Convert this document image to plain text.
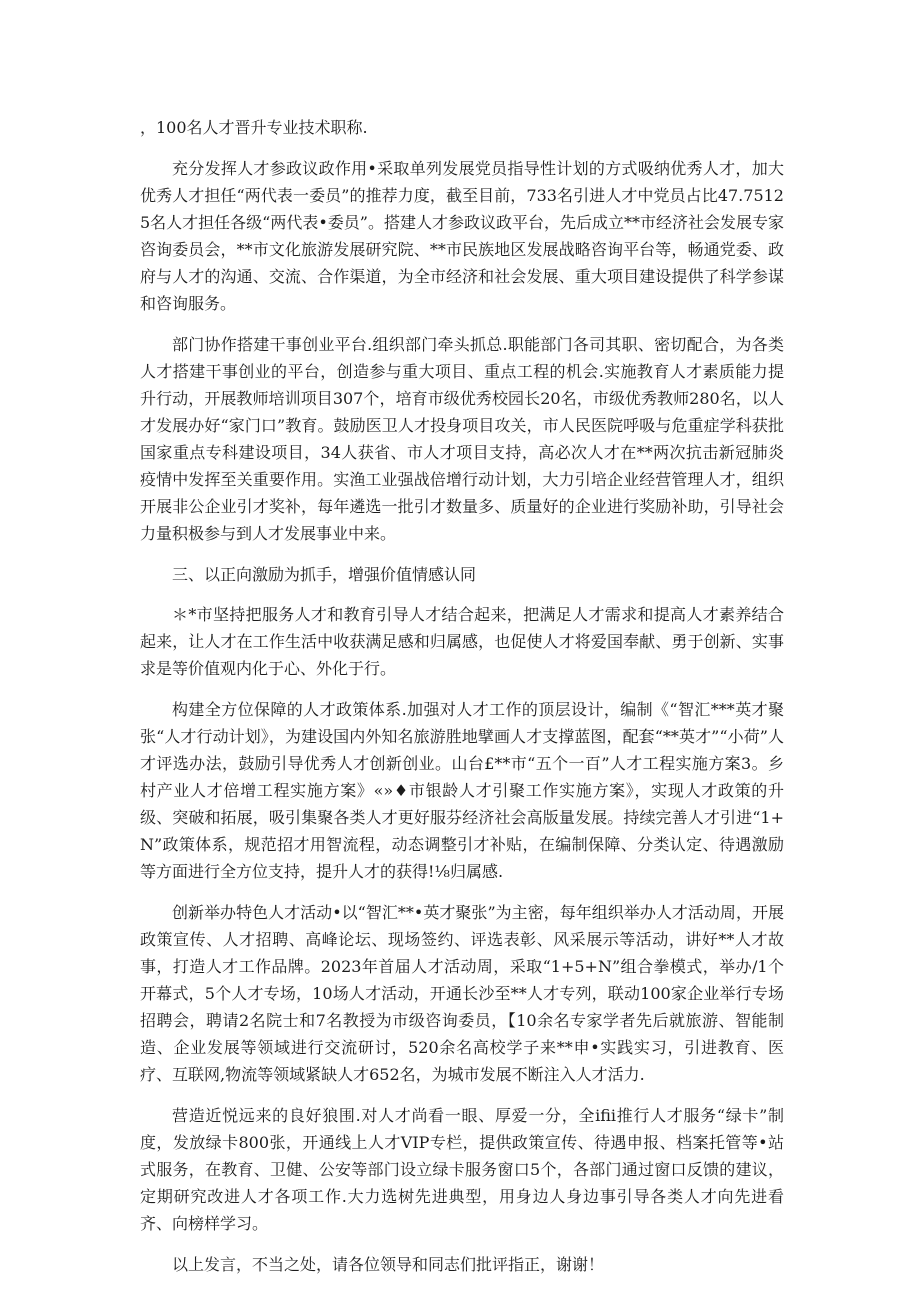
，100名人才晋升专业技术职称.

充分发挥人才参政议政作用•采取单列发展党员指导性计划的方式吸纳优秀人才，加大优秀人才担任“两代表一委员”的推荐力度，截至目前，733名引进人才中党员占比47.75125名人才担任各级“两代表•委员”。搭建人才参政议政平台，先后成立**市经济社会发展专家咨询委员会，**市文化旅游发展研究院、**市民族地区发展战略咨询平台等，畅通党委、政府与人才的沟通、交流、合作渠道，为全市经济和社会发展、重大项目建设提供了科学参谋和咨询服务。

部门协作搭建干事创业平台.组织部门牵头抓总.职能部门各司其职、密切配合，为各类人才搭建干事创业的平台，创造参与重大项目、重点工程的机会.实施教育人才素质能力提升行动，开展教师培训项目307个，培育市级优秀校园长20名，市级优秀教师280名，以人才发展办好“家门口”教育。鼓励医卫人才投身项目攻关，市人民医院呼吸与危重症学科获批国家重点专科建设项目，34人获省、市人才项目支持，高必次人才在**两次抗击新冠肺炎疫情中发挥至关重要作用。实渔工业强战倍增行动计划，大力引培企业经营管理人才，组织开展非公企业引才奖补，每年遴选一批引才数量多、质量好的企业进行奖励补助，引导社会力量积极参与到人才发展事业中来。

三、以正向激励为抓手，增强价值情感认同

＊*市坚持把服务人才和教育引导人才结合起来，把满足人才需求和提高人才素养结合起来，让人才在工作生活中收获满足感和归属感，也促使人才将爱国奉献、勇于创新、实事求是等价值观内化于心、外化于行。

构建全方位保障的人才政策体系.加强对人才工作的顶层设计，编制《“智汇***英才聚张“人才行动计划》，为建设国内外知名旅游胜地擘画人才支撑蓝图，配套“**英才”“小荷”人才评选办法，鼓励引导优秀人才创新创业。山台£**市“五个一百”人才工程实施方案3。乡村产业人才倍增工程实施方案》«»♦市银龄人才引聚工作实施方案》，实现人才政策的升级、突破和拓展，吸引集聚各类人才更好服芬经济社会高版量发展。持续完善人才引进“1+N”政策体系，规范招才用智流程，动态调整引才补贴，在编制保障、分类认定、待遇激励等方面进行全方位支持，提升人才的获得!⅛归属感.

创新举办特色人才活动•以“智汇**•英才聚张”为主密，每年组织举办人才活动周，开展政策宣传、人才招聘、高峰论坛、现场签约、评选表彰、风采展示等活动，讲好**人才故事，打造人才工作品牌。2023年首届人才活动周，采取“1+5+N”组合拳模式，举办/1个开幕式，5个人才专场，10场人才活动，开通长沙至**人才专列，联动100家企业举行专场招聘会，聘请2名院士和7名教授为市级咨询委员，【10余名专家学者先后就旅游、智能制造、企业发展等领域进行交流研讨，520余名高校学子来**申•实践实习，引进教育、医疗、互联网,物流等领域紧缺人才652名，为城市发展不断注入人才活力.

营造近悦远来的良好狼围.对人才尚看一眼、厚爱一分，全ifii推行人才服务“绿卡”制度，发放绿卡800张，开通线上人才VIP专栏，提供政策宣传、待遇申报、档案托管等•站式服务，在教育、卫健、公安等部门设立绿卡服务窗口5个，各部门通过窗口反馈的建议，定期研究改进人才各项工作.大力选树先进典型，用身边人身边事引导各类人才向先进看齐、向榜样学习。

以上发言，不当之处，请各位领导和同志们批评指正，谢谢！
